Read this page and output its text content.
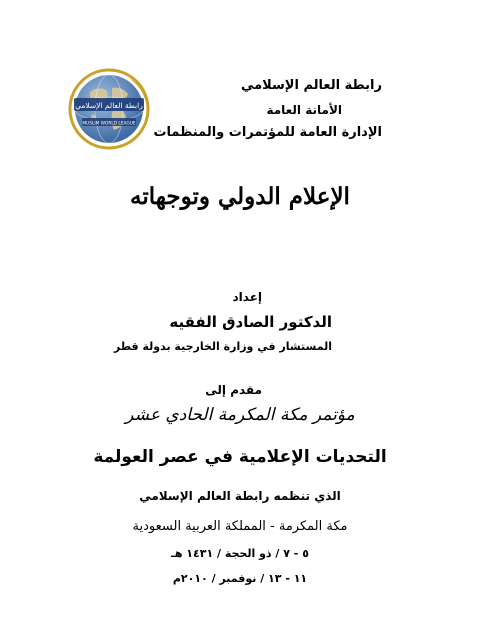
رابطة العالم الإسلامي
MUSLIM WORLD LEAGUE
رابطة العالم الإسلامي
الأمانة العامة
الإدارة العامة للمؤتمرات والمنظمات
الإعلام الدولي وتوجهاته
إعداد
الدكتور الصادق الفقيه
المستشار في وزارة الخارجية بدولة قطر
مقدم إلى
مؤتمر مكة المكرمة الحادي عشر
التحديات الإعلامية في عصر العولمة
الذي تنظمه رابطة العالم الإسلامي
مكة المكرمة - المملكة العربية السعودية
٥ - ٧ / ذو الحجة / ١٤٣١ هـ
١١ - ١٣ / نوفمبر / ٢٠١٠م
